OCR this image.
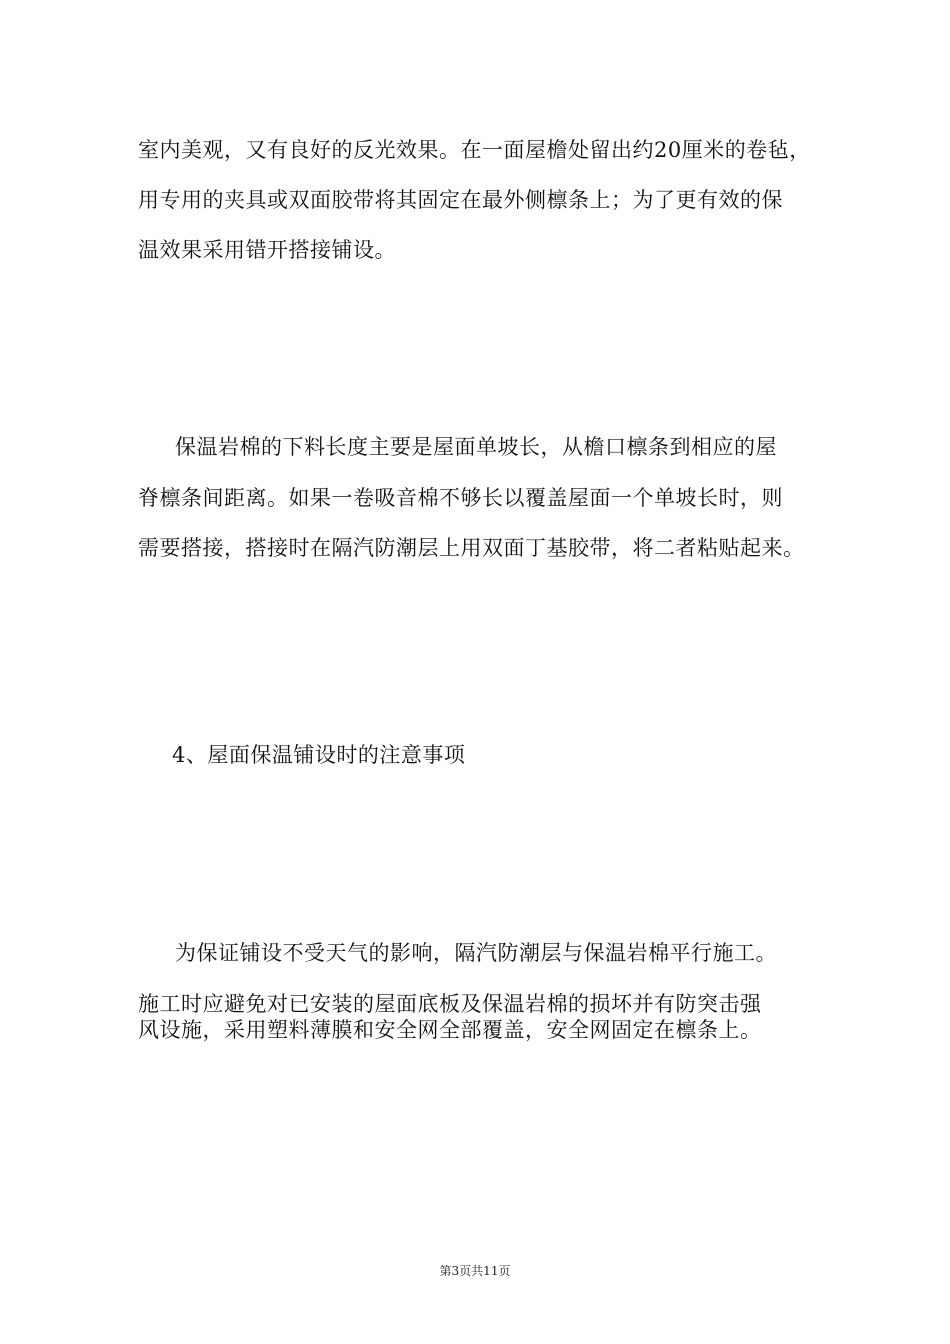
室内美观，又有良好的反光效果。在一面屋檐处留出约20厘米的卷毡，
用专用的夹具或双面胶带将其固定在最外侧檩条上；为了更有效的保
温效果采用错开搭接铺设。
保温岩棉的下料长度主要是屋面单坡长，从檐口檩条到相应的屋
脊檩条间距离。如果一卷吸音棉不够长以覆盖屋面一个单坡长时，则
需要搭接，搭接时在隔汽防潮层上用双面丁基胶带，将二者粘贴起来。
4、屋面保温铺设时的注意事项
为保证铺设不受天气的影响，隔汽防潮层与保温岩棉平行施工。
施工时应避免对已安装的屋面底板及保温岩棉的损坏并有防突击强
风设施，采用塑料薄膜和安全网全部覆盖，安全网固定在檩条上。
第3页共11页
